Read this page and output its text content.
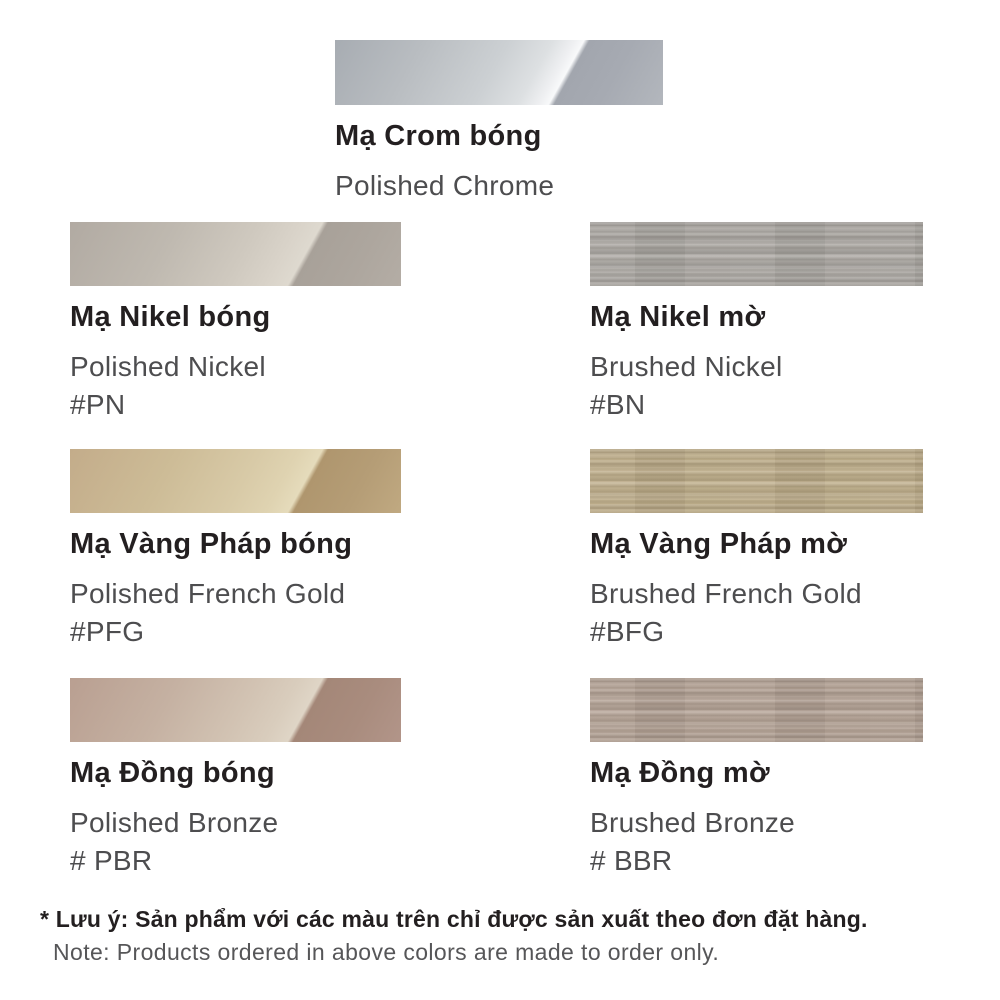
Mạ Crom bóng
Polished Chrome
Mạ Nikel bóng
Polished Nickel
#PN
Mạ Nikel mờ
Brushed Nickel
#BN
Mạ Vàng Pháp bóng
Polished French Gold
#PFG
Mạ Vàng Pháp mờ
Brushed French Gold
#BFG
Mạ Đồng bóng
Polished Bronze
# PBR
Mạ Đồng mờ
Brushed Bronze
# BBR
* Lưu ý: Sản phẩm với các màu trên chỉ được sản xuất theo đơn đặt hàng.
Note: Products ordered in above colors are made to order only.
